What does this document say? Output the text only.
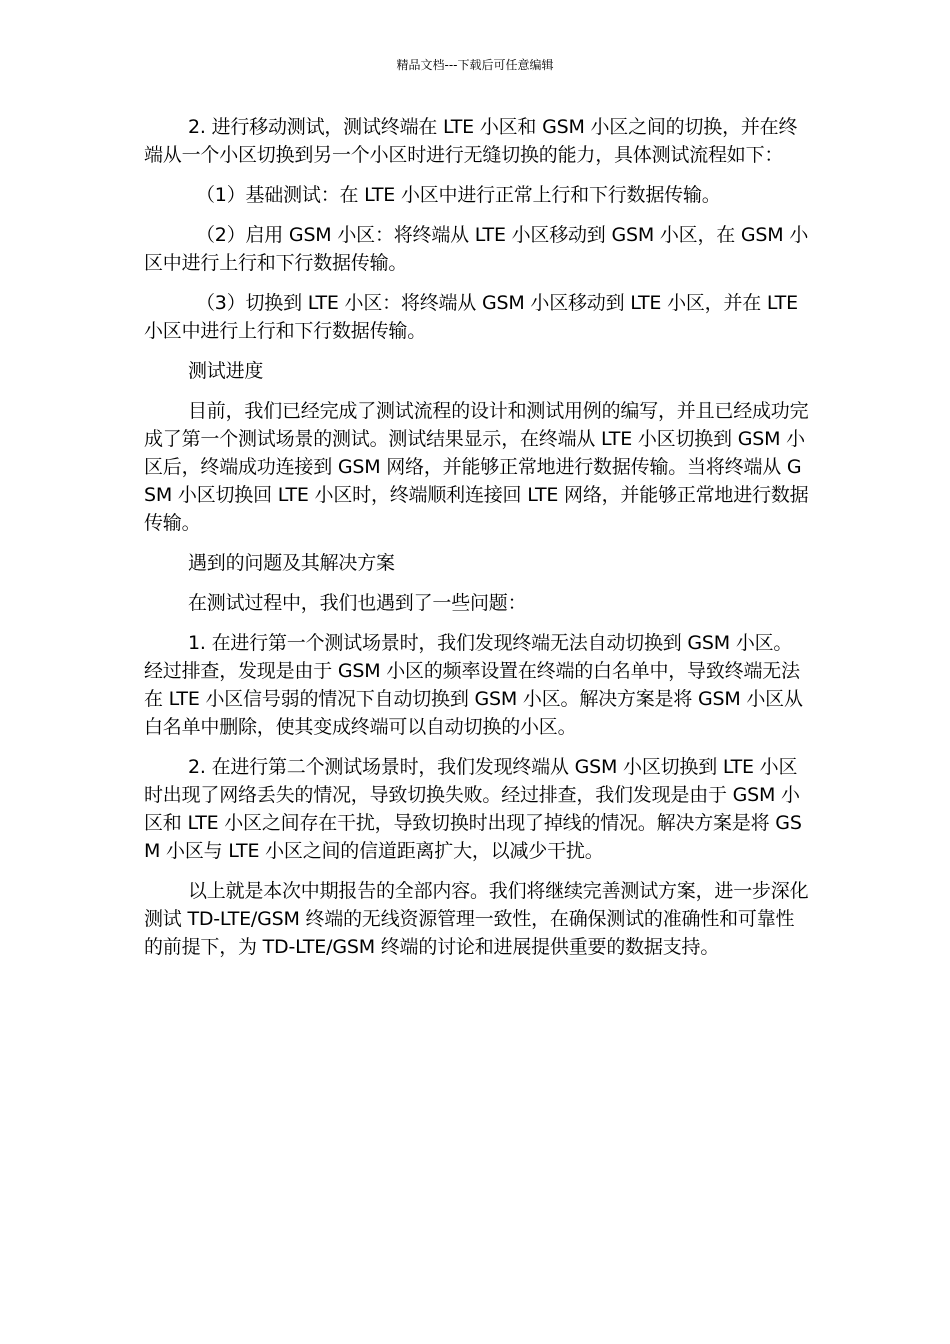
精品文档---下载后可任意编辑

2. 进行移动测试，测试终端在 LTE 小区和 GSM 小区之间的切换，并在终端从一个小区切换到另一个小区时进行无缝切换的能力，具体测试流程如下：

（1）基础测试：在 LTE 小区中进行正常上行和下行数据传输。

（2）启用 GSM 小区：将终端从 LTE 小区移动到 GSM 小区，在 GSM 小区中进行上行和下行数据传输。

（3）切换到 LTE 小区：将终端从 GSM 小区移动到 LTE 小区，并在 LTE 小区中进行上行和下行数据传输。

测试进度

目前，我们已经完成了测试流程的设计和测试用例的编写，并且已经成功完成了第一个测试场景的测试。测试结果显示，在终端从 LTE 小区切换到 GSM 小区后，终端成功连接到 GSM 网络，并能够正常地进行数据传输。当将终端从 GSM 小区切换回 LTE 小区时，终端顺利连接回 LTE 网络，并能够正常地进行数据传输。

遇到的问题及其解决方案

在测试过程中，我们也遇到了一些问题：

1. 在进行第一个测试场景时，我们发现终端无法自动切换到 GSM 小区。经过排查，发现是由于 GSM 小区的频率设置在终端的白名单中，导致终端无法在 LTE 小区信号弱的情况下自动切换到 GSM 小区。解决方案是将 GSM 小区从白名单中删除，使其变成终端可以自动切换的小区。

2. 在进行第二个测试场景时，我们发现终端从 GSM 小区切换到 LTE 小区时出现了网络丢失的情况，导致切换失败。经过排查，我们发现是由于 GSM 小区和 LTE 小区之间存在干扰，导致切换时出现了掉线的情况。解决方案是将 GSM 小区与 LTE 小区之间的信道距离扩大，以减少干扰。

以上就是本次中期报告的全部内容。我们将继续完善测试方案，进一步深化测试 TD-LTE/GSM 终端的无线资源管理一致性，在确保测试的准确性和可靠性的前提下，为 TD-LTE/GSM 终端的讨论和进展提供重要的数据支持。
